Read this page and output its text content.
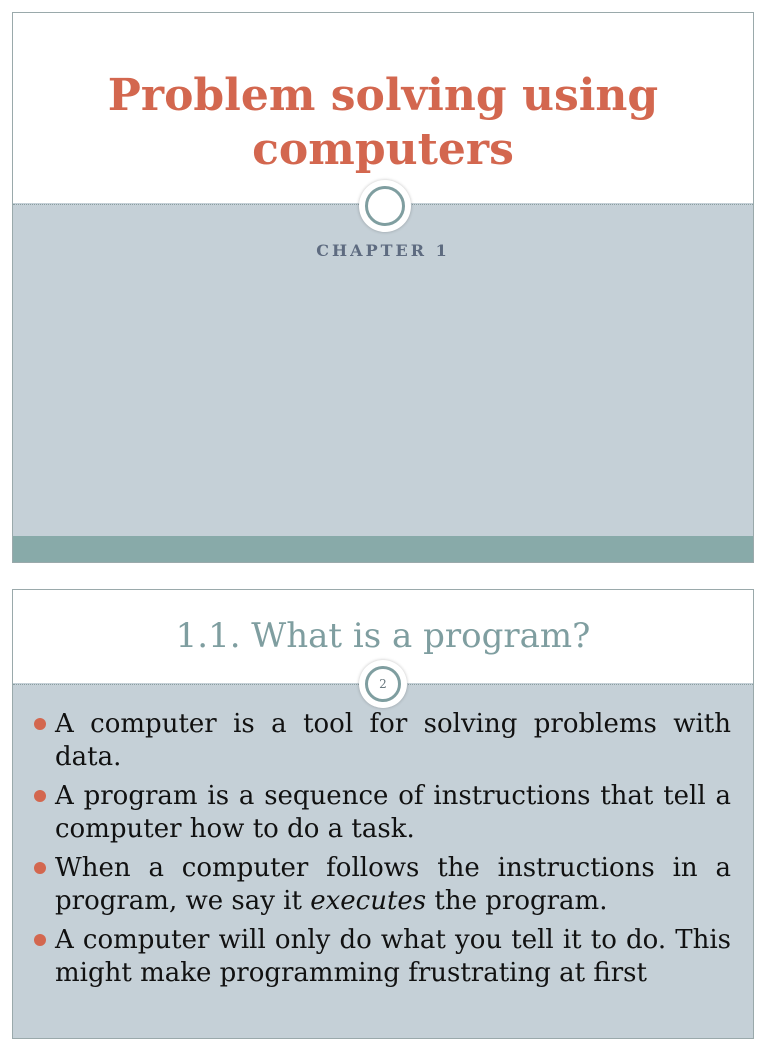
Problem solving using computers
CHAPTER 1
1.1. What is a program?
2
A computer is a tool for solving problems with data.
A program is a sequence of instructions that tell a computer how to do a task.
When a computer follows the instructions in a program, we say it executes the program.
A computer will only do what you tell it to do. This might make programming frustrating at first
